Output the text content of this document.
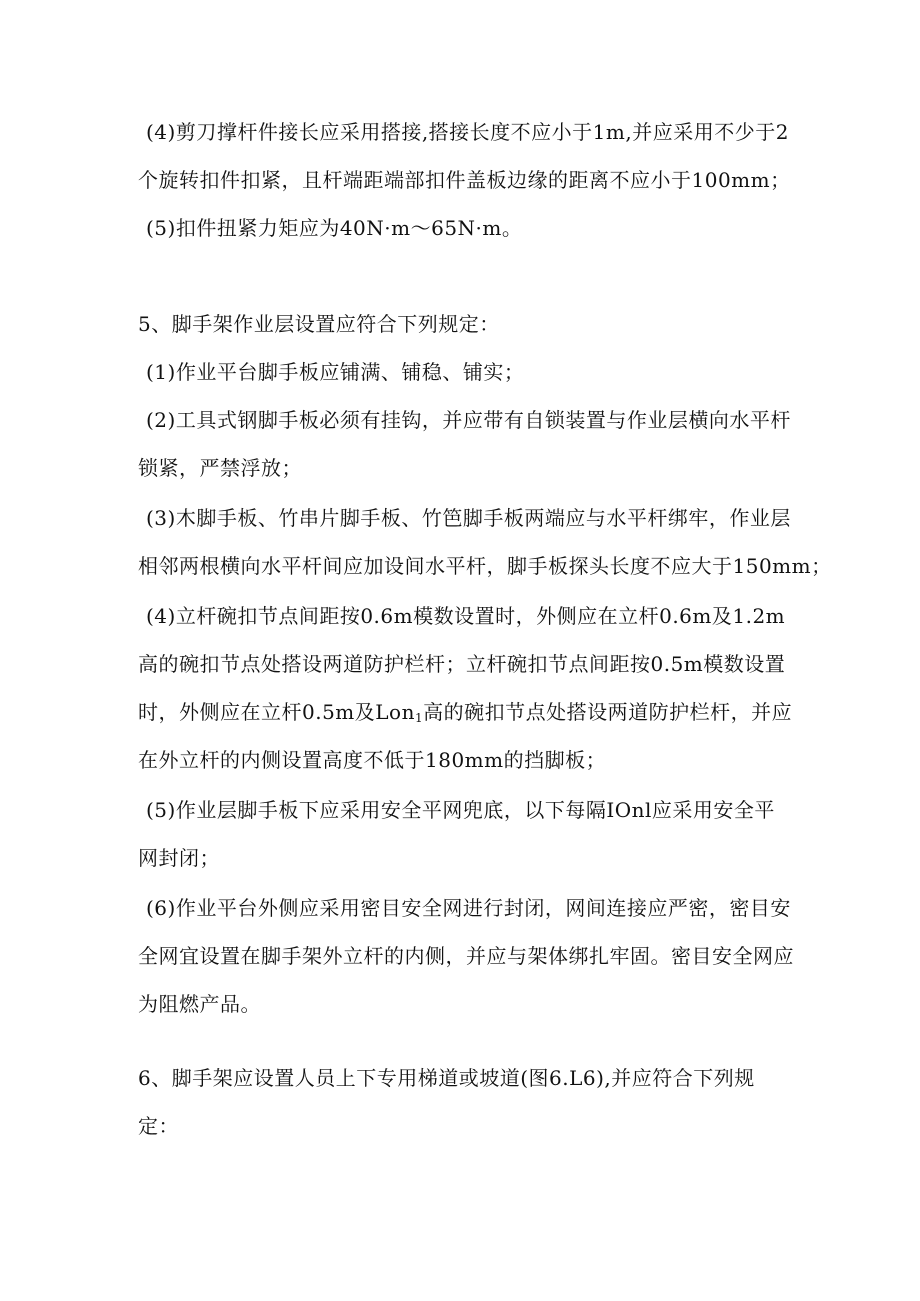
(4)剪刀撑杆件接长应采用搭接,搭接长度不应小于1m,并应采用不少于2
个旋转扣件扣紧，且杆端距端部扣件盖板边缘的距离不应小于100mm；
(5)扣件扭紧力矩应为40N·m～65N·m。
5、脚手架作业层设置应符合下列规定：
(1)作业平台脚手板应铺满、铺稳、铺实；
(2)工具式钢脚手板必须有挂钩，并应带有自锁装置与作业层横向水平杆
锁紧，严禁浮放；
(3)木脚手板、竹串片脚手板、竹笆脚手板两端应与水平杆绑牢，作业层
相邻两根横向水平杆间应加设间水平杆，脚手板探头长度不应大于150mm；
(4)立杆碗扣节点间距按0.6m模数设置时，外侧应在立杆0.6m及1.2m
高的碗扣节点处搭设两道防护栏杆；立杆碗扣节点间距按0.5m模数设置
时，外侧应在立杆0.5m及Lon$_1$高的碗扣节点处搭设两道防护栏杆，并应
在外立杆的内侧设置高度不低于180mm的挡脚板；
(5)作业层脚手板下应采用安全平网兜底，以下每隔IOnl应采用安全平
网封闭；
(6)作业平台外侧应采用密目安全网进行封闭，网间连接应严密，密目安
全网宜设置在脚手架外立杆的内侧，并应与架体绑扎牢固。密目安全网应
为阻燃产品。
6、脚手架应设置人员上下专用梯道或坡道(图6.L6),并应符合下列规
定：
